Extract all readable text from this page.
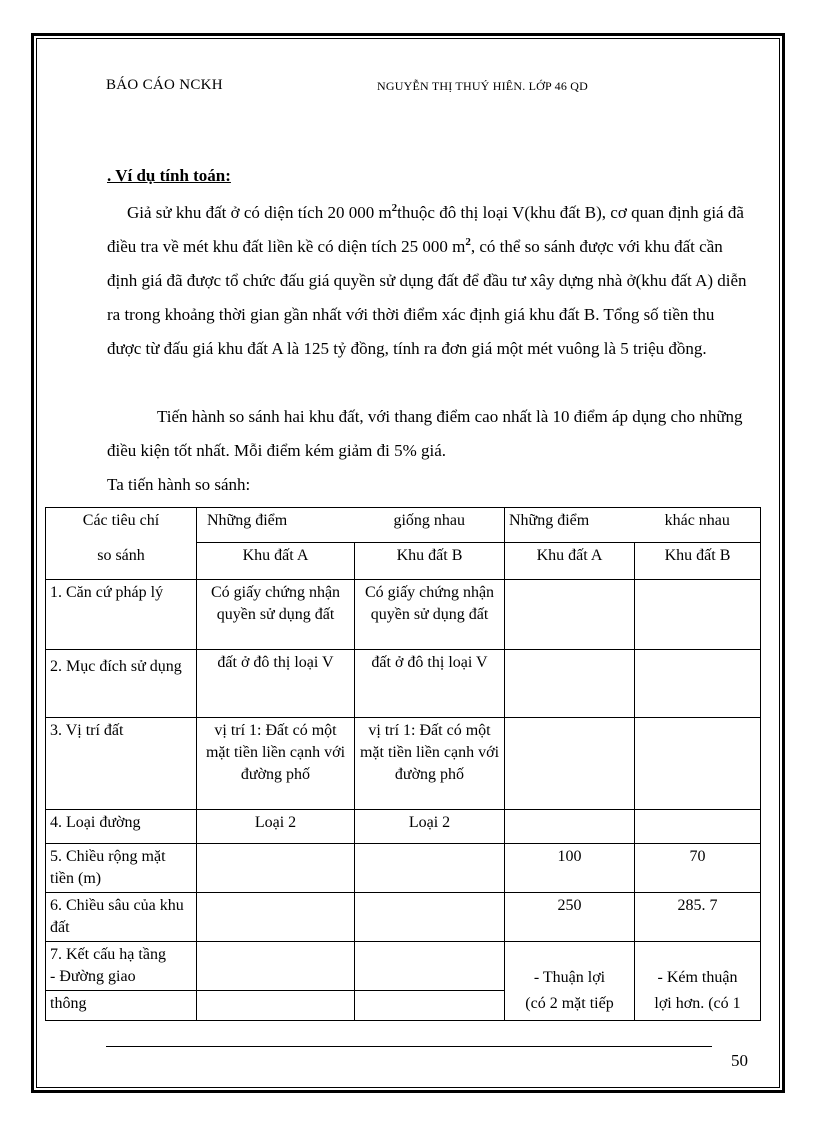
BÁO CÁO NCKH	NGUYỄN THỊ THUÝ HIÊN. LỚP 46 QD
. Ví dụ tính toán:

Giả sử khu đất ở có diện tích 20 000 $m^2thuộc$ đô thị loại V(khu đất B), cơ quan định giá đã điều tra về mét khu đất liền kề có diện tích 25 000 $m^2$, có thể so sánh được với khu đất cần định giá đã được tổ chức đấu giá quyền sử dụng đất để đầu tư xây dựng nhà ở(khu đất A) diễn ra trong khoảng thời gian gần nhất với thời điểm xác định giá khu đất B. Tổng số tiền thu được từ đấu giá khu đất A là 125 tỷ đồng, tính ra đơn giá một mét vuông là 5 triệu đồng.

Tiến hành so sánh hai khu đất, với thang điểm cao nhất là 10 điểm áp dụng cho những điều kiện tốt nhất. Mỗi điểm kém giảm đi 5% giá.

Ta tiến hành so sánh:

Các tiêu chí	Những điểm	giống nhau	Những điểm	khác nhau
so sánh	Khu đất A	Khu đất B	Khu đất A	Khu đất B
1. Căn cứ pháp lý	Có giấy chứng nhận quyền sử dụng đất	Có giấy chứng nhận quyền sử dụng đất		
2. Mục đích sử dụng	đất ở đô thị loại V	đất ở đô thị loại V		
3. Vị trí đất	vị trí 1: Đất có một mặt tiền liền cạnh với đường phố	vị trí 1: Đất có một mặt tiền liền cạnh với đường phố		
4. Loại đường	Loại 2	Loại 2		
5. Chiều rộng mặt tiền (m)			100	70
6. Chiều sâu của khu đất			250	285. 7
7. Kết cấu hạ tầng
- Đường giao			- Thuận lợi	- Kém thuận
thông			(có 2 mặt tiếp	lợi hơn. (có 1
50
